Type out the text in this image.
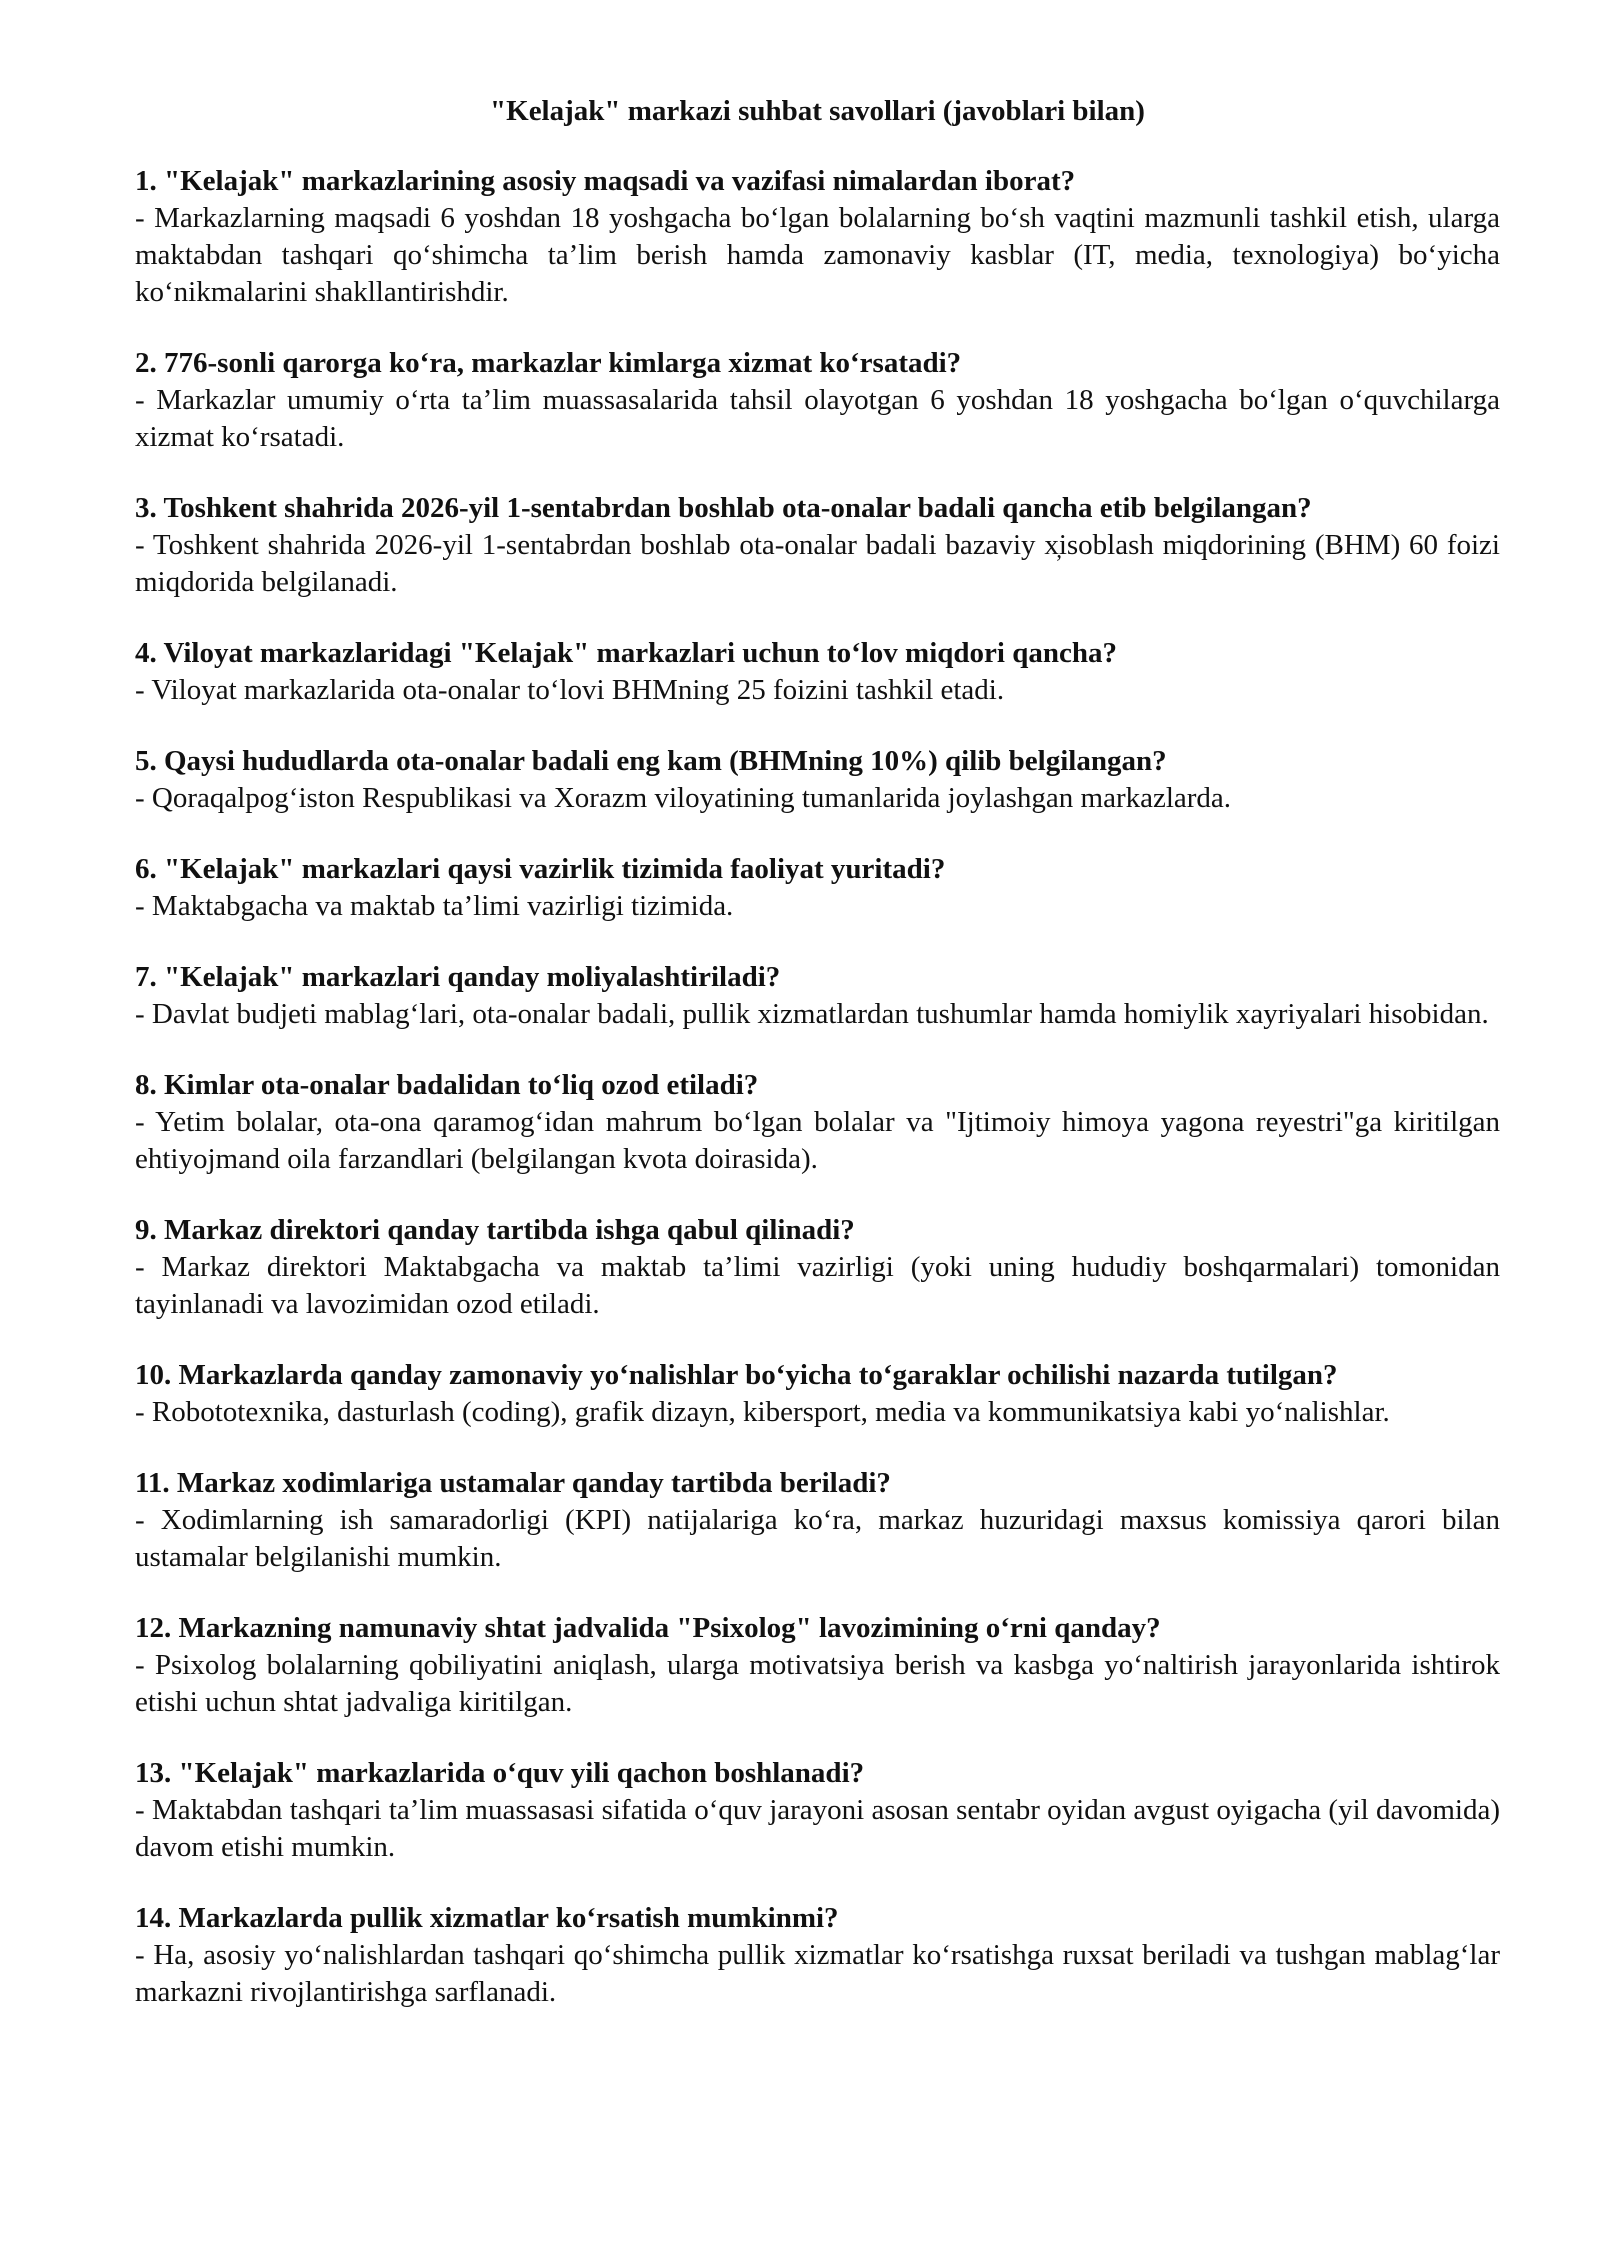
"Kelajak" markazi suhbat savollari (javoblari bilan)

1. "Kelajak" markazlarining asosiy maqsadi va vazifasi nimalardan iborat?

- Markazlarning maqsadi 6 yoshdan 18 yoshgacha bo‘lgan bolalarning bo‘sh vaqtini mazmunli tashkil etish, ularga maktabdan tashqari qo‘shimcha ta’lim berish hamda zamonaviy kasblar (IT, media, texnologiya) bo‘yicha ko‘nikmalarini shakllantirishdir.

2. 776-sonli qarorga ko‘ra, markazlar kimlarga xizmat ko‘rsatadi?

- Markazlar umumiy o‘rta ta’lim muassasalarida tahsil olayotgan 6 yoshdan 18 yoshgacha bo‘lgan o‘quvchilarga xizmat ko‘rsatadi.

3. Toshkent shahrida 2026-yil 1-sentabrdan boshlab ota-onalar badali qancha etib belgilangan?

- Toshkent shahrida 2026-yil 1-sentabrdan boshlab ota-onalar badali bazaviy x̦isoblash miqdorining (BHM) 60 foizi miqdorida belgilanadi.

4. Viloyat markazlaridagi "Kelajak" markazlari uchun to‘lov miqdori qancha?

- Viloyat markazlarida ota-onalar to‘lovi BHMning 25 foizini tashkil etadi.

5. Qaysi hududlarda ota-onalar badali eng kam (BHMning 10%) qilib belgilangan?

- Qoraqalpog‘iston Respublikasi va Xorazm viloyatining tumanlarida joylashgan markazlarda.

6. "Kelajak" markazlari qaysi vazirlik tizimida faoliyat yuritadi?

- Maktabgacha va maktab ta’limi vazirligi tizimida.

7. "Kelajak" markazlari qanday moliyalashtiriladi?

- Davlat budjeti mablag‘lari, ota-onalar badali, pullik xizmatlardan tushumlar hamda homiylik xayriyalari hisobidan.

8. Kimlar ota-onalar badalidan to‘liq ozod etiladi?

- Yetim bolalar, ota-ona qaramog‘idan mahrum bo‘lgan bolalar va "Ijtimoiy himoya yagona reyestri"ga kiritilgan ehtiyojmand oila farzandlari (belgilangan kvota doirasida).

9. Markaz direktori qanday tartibda ishga qabul qilinadi?

- Markaz direktori Maktabgacha va maktab ta’limi vazirligi (yoki uning hududiy boshqarmalari) tomonidan tayinlanadi va lavozimidan ozod etiladi.

10. Markazlarda qanday zamonaviy yo‘nalishlar bo‘yicha to‘garaklar ochilishi nazarda tutilgan?

- Robototexnika, dasturlash (coding), grafik dizayn, kibersport, media va kommunikatsiya kabi yo‘nalishlar.

11. Markaz xodimlariga ustamalar qanday tartibda beriladi?

- Xodimlarning ish samaradorligi (KPI) natijalariga ko‘ra, markaz huzuridagi maxsus komissiya qarori bilan ustamalar belgilanishi mumkin.

12. Markazning namunaviy shtat jadvalida "Psixolog" lavozimining o‘rni qanday?

- Psixolog bolalarning qobiliyatini aniqlash, ularga motivatsiya berish va kasbga yo‘naltirish jarayonlarida ishtirok etishi uchun shtat jadvaliga kiritilgan.

13. "Kelajak" markazlarida o‘quv yili qachon boshlanadi?

- Maktabdan tashqari ta’lim muassasasi sifatida o‘quv jarayoni asosan sentabr oyidan avgust oyigacha (yil davomida) davom etishi mumkin.

14. Markazlarda pullik xizmatlar ko‘rsatish mumkinmi?

- Ha, asosiy yo‘nalishlardan tashqari qo‘shimcha pullik xizmatlar ko‘rsatishga ruxsat beriladi va tushgan mablag‘lar markazni rivojlantirishga sarflanadi.
